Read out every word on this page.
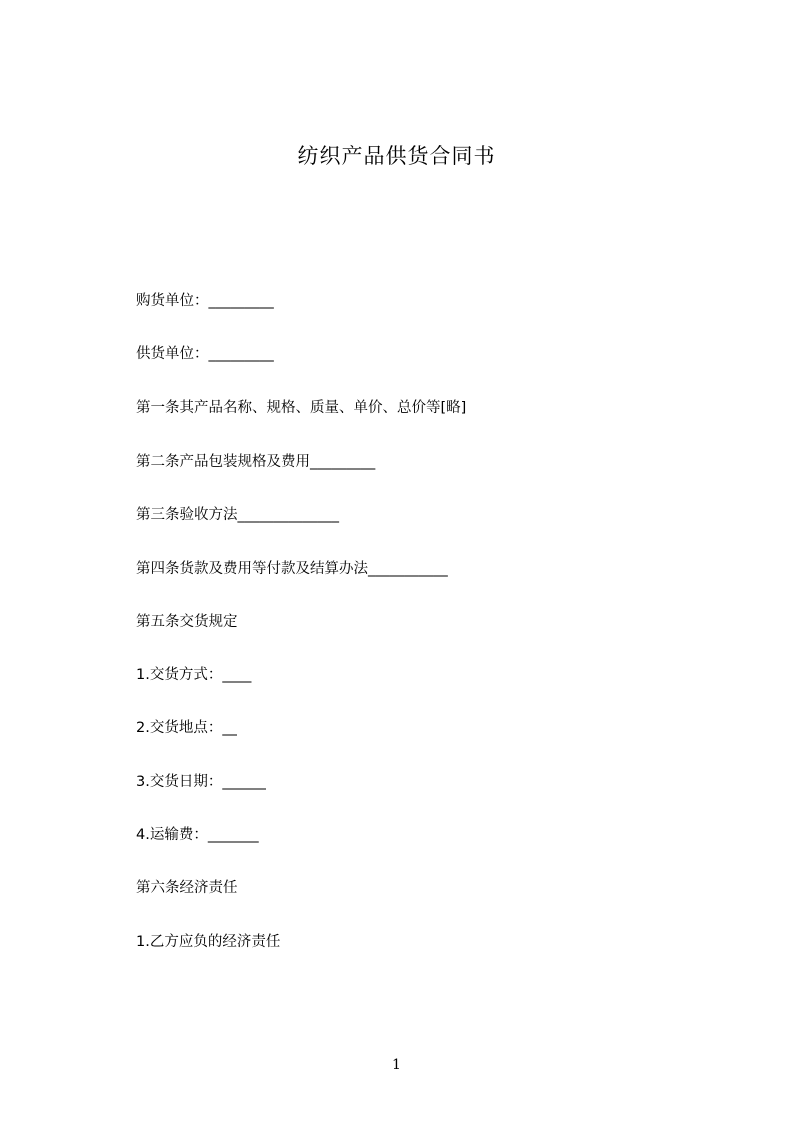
纺织产品供货合同书
购货单位：_________
供货单位：_________
第一条其产品名称、规格、质量、单价、总价等[略]
第二条产品包装规格及费用_________
第三条验收方法______________
第四条货款及费用等付款及结算办法___________
第五条交货规定
1.交货方式：____
2.交货地点：__
3.交货日期：______
4.运输费：_______
第六条经济责任
1.乙方应负的经济责任
1
